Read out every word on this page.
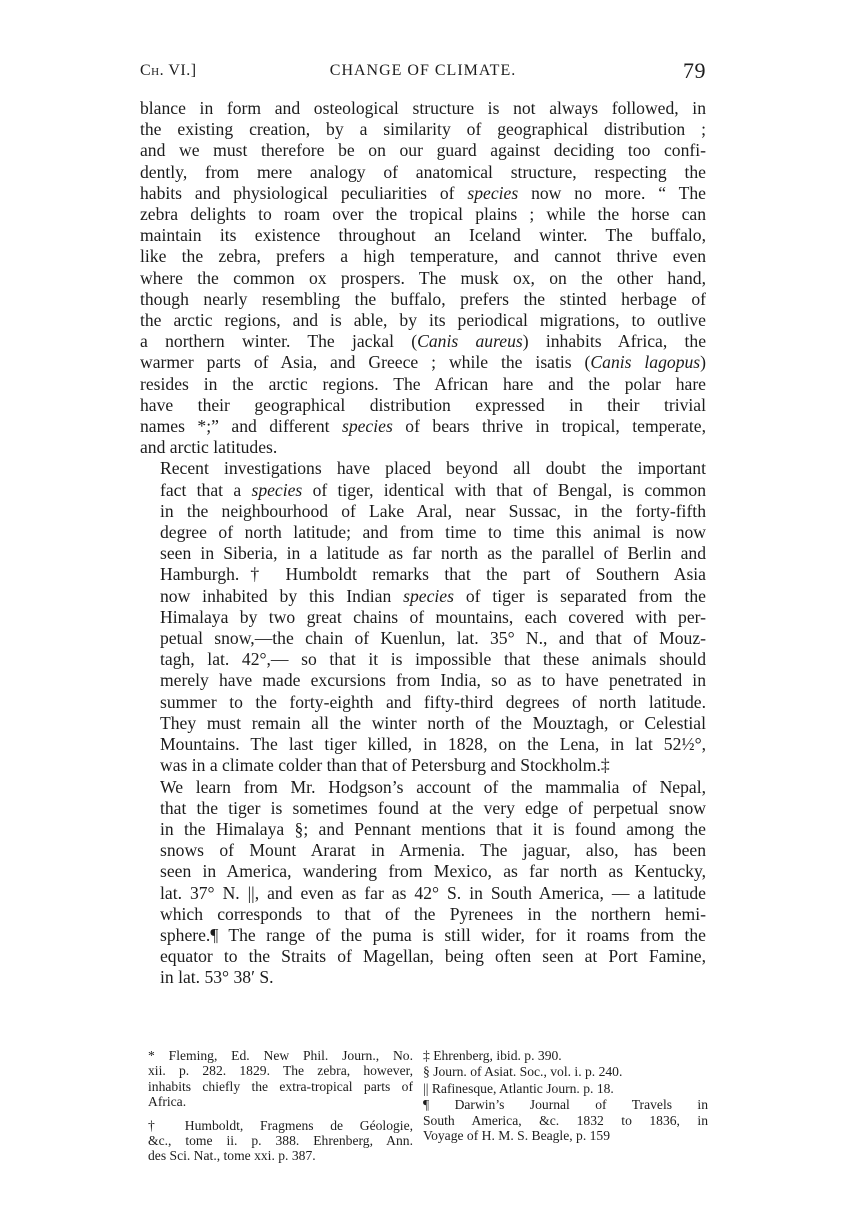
Ch. VI.]	CHANGE OF CLIMATE.	79

blance in form and osteological structure is not always followed, in
the existing creation, by a similarity of geographical distribution ;
and we must therefore be on our guard against deciding too confi-
dently, from mere analogy of anatomical structure, respecting the
habits and physiological peculiarities of species now no more. “ The
zebra delights to roam over the tropical plains ; while the horse can
maintain its existence throughout an Iceland winter. The buffalo,
like the zebra, prefers a high temperature, and cannot thrive even
where the common ox prospers. The musk ox, on the other hand,
though nearly resembling the buffalo, prefers the stinted herbage of
the arctic regions, and is able, by its periodical migrations, to outlive
a northern winter. The jackal (Canis aureus) inhabits Africa, the
warmer parts of Asia, and Greece ; while the isatis (Canis lagopus)
resides in the arctic regions. The African hare and the polar hare
have their geographical distribution expressed in their trivial
names *;” and different species of bears thrive in tropical, temperate,
and arctic latitudes.

Recent investigations have placed beyond all doubt the important
fact that a species of tiger, identical with that of Bengal, is common
in the neighbourhood of Lake Aral, near Sussac, in the forty-fifth
degree of north latitude; and from time to time this animal is now
seen in Siberia, in a latitude as far north as the parallel of Berlin and
Hamburgh.† Humboldt remarks that the part of Southern Asia
now inhabited by this Indian species of tiger is separated from the
Himalaya by two great chains of mountains, each covered with per-
petual snow,—the chain of Kuenlun, lat. 35° N., and that of Mouz-
tagh, lat. 42°,— so that it is impossible that these animals should
merely have made excursions from India, so as to have penetrated in
summer to the forty-eighth and fifty-third degrees of north latitude.
They must remain all the winter north of the Mouztagh, or Celestial
Mountains. The last tiger killed, in 1828, on the Lena, in lat 52½°,
was in a climate colder than that of Petersburg and Stockholm.‡

We learn from Mr. Hodgson’s account of the mammalia of Nepal,
that the tiger is sometimes found at the very edge of perpetual snow
in the Himalaya §; and Pennant mentions that it is found among the
snows of Mount Ararat in Armenia. The jaguar, also, has been
seen in America, wandering from Mexico, as far north as Kentucky,
lat. 37° N. ||, and even as far as 42° S. in South America, — a latitude
which corresponds to that of the Pyrenees in the northern hemi-
sphere.¶ The range of the puma is still wider, for it roams from the
equator to the Straits of Magellan, being often seen at Port Famine,
in lat. 53° 38′ S.

* Fleming, Ed. New Phil. Journ., No.
xii. p. 282. 1829. The zebra, however,
inhabits chiefly the extra-tropical parts of
Africa.
† Humboldt, Fragmens de Géologie,
&c., tome ii. p. 388. Ehrenberg, Ann.
des Sci. Nat., tome xxi. p. 387.
‡ Ehrenberg, ibid. p. 390.
§ Journ. of Asiat. Soc., vol. i. p. 240.
|| Rafinesque, Atlantic Journ. p. 18.
¶ Darwin’s Journal of Travels in
South America, &c. 1832 to 1836, in
Voyage of H. M. S. Beagle, p. 159
